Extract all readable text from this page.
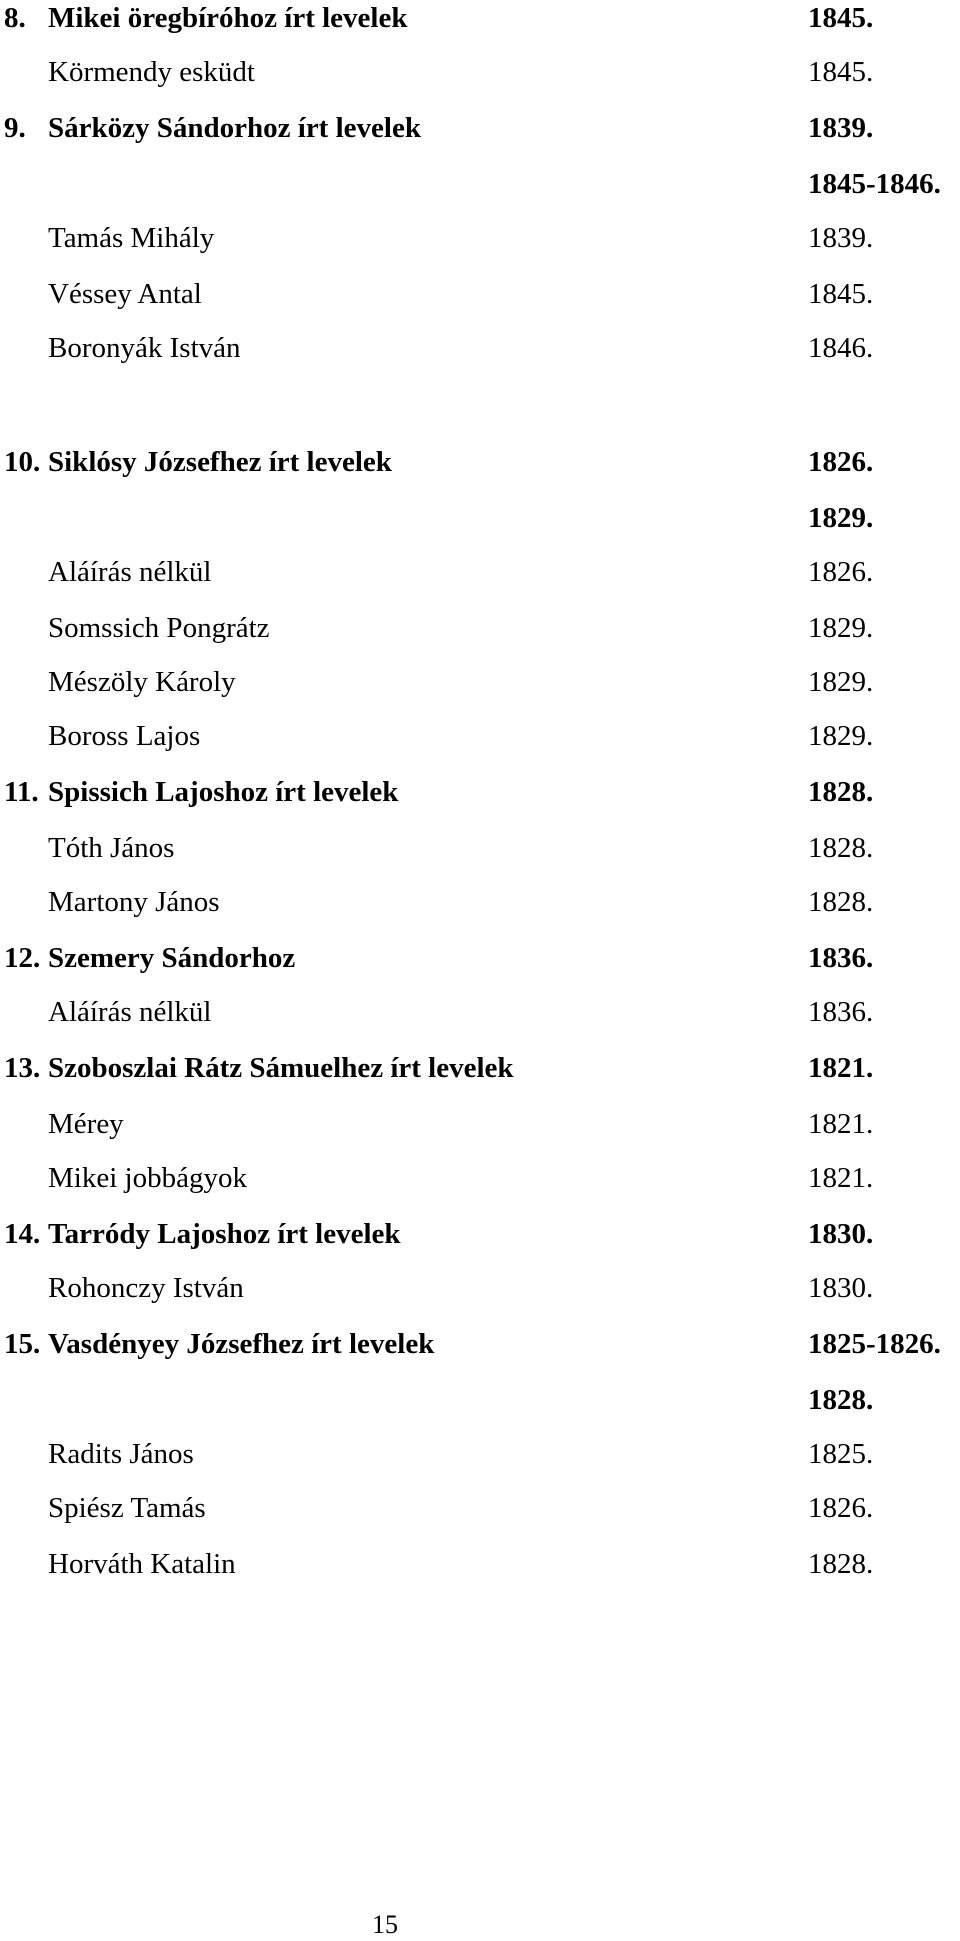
8. Mikei öregbíróhoz írt levelek	1845.
Körmendy esküdt	1845.
9. Sárközy Sándorhoz írt levelek	1839.
1845-1846.
Tamás Mihály	1839.
Véssey Antal	1845.
Boronyák István	1846.
10. Siklósy Józsefhez írt levelek	1826.
1829.
Aláírás nélkül	1826.
Somssich Pongrátz	1829.
Mészöly Károly	1829.
Boross Lajos	1829.
11. Spissich Lajoshoz írt levelek	1828.
Tóth János	1828.
Martony János	1828.
12. Szemery Sándorhoz	1836.
Aláírás nélkül	1836.
13. Szoboszlai Rátz Sámuelhez írt levelek	1821.
Mérey	1821.
Mikei jobbágyok	1821.
14. Tarródy Lajoshoz írt levelek	1830.
Rohonczy István	1830.
15. Vasdényey Józsefhez írt levelek	1825-1826.
1828.
Radits János	1825.
Spiész Tamás	1826.
Horváth Katalin	1828.
15
